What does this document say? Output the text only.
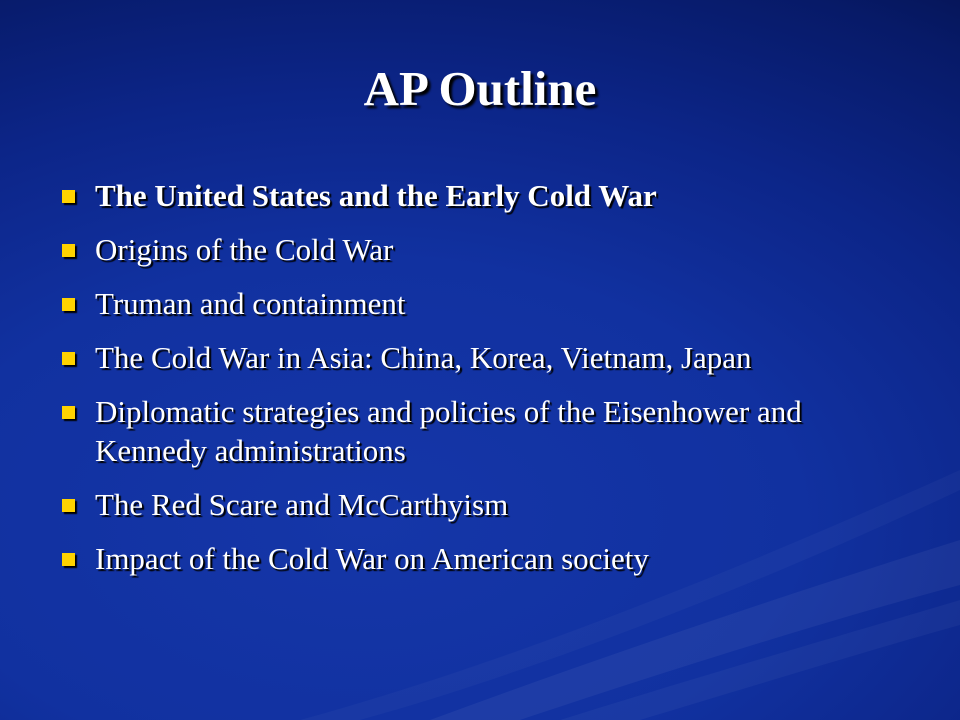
AP Outline
The United States and the Early Cold War
Origins of the Cold War
Truman and containment
The Cold War in Asia: China, Korea, Vietnam, Japan
Diplomatic strategies and policies of the Eisenhower and Kennedy administrations
The Red Scare and McCarthyism
Impact of the Cold War on American society
